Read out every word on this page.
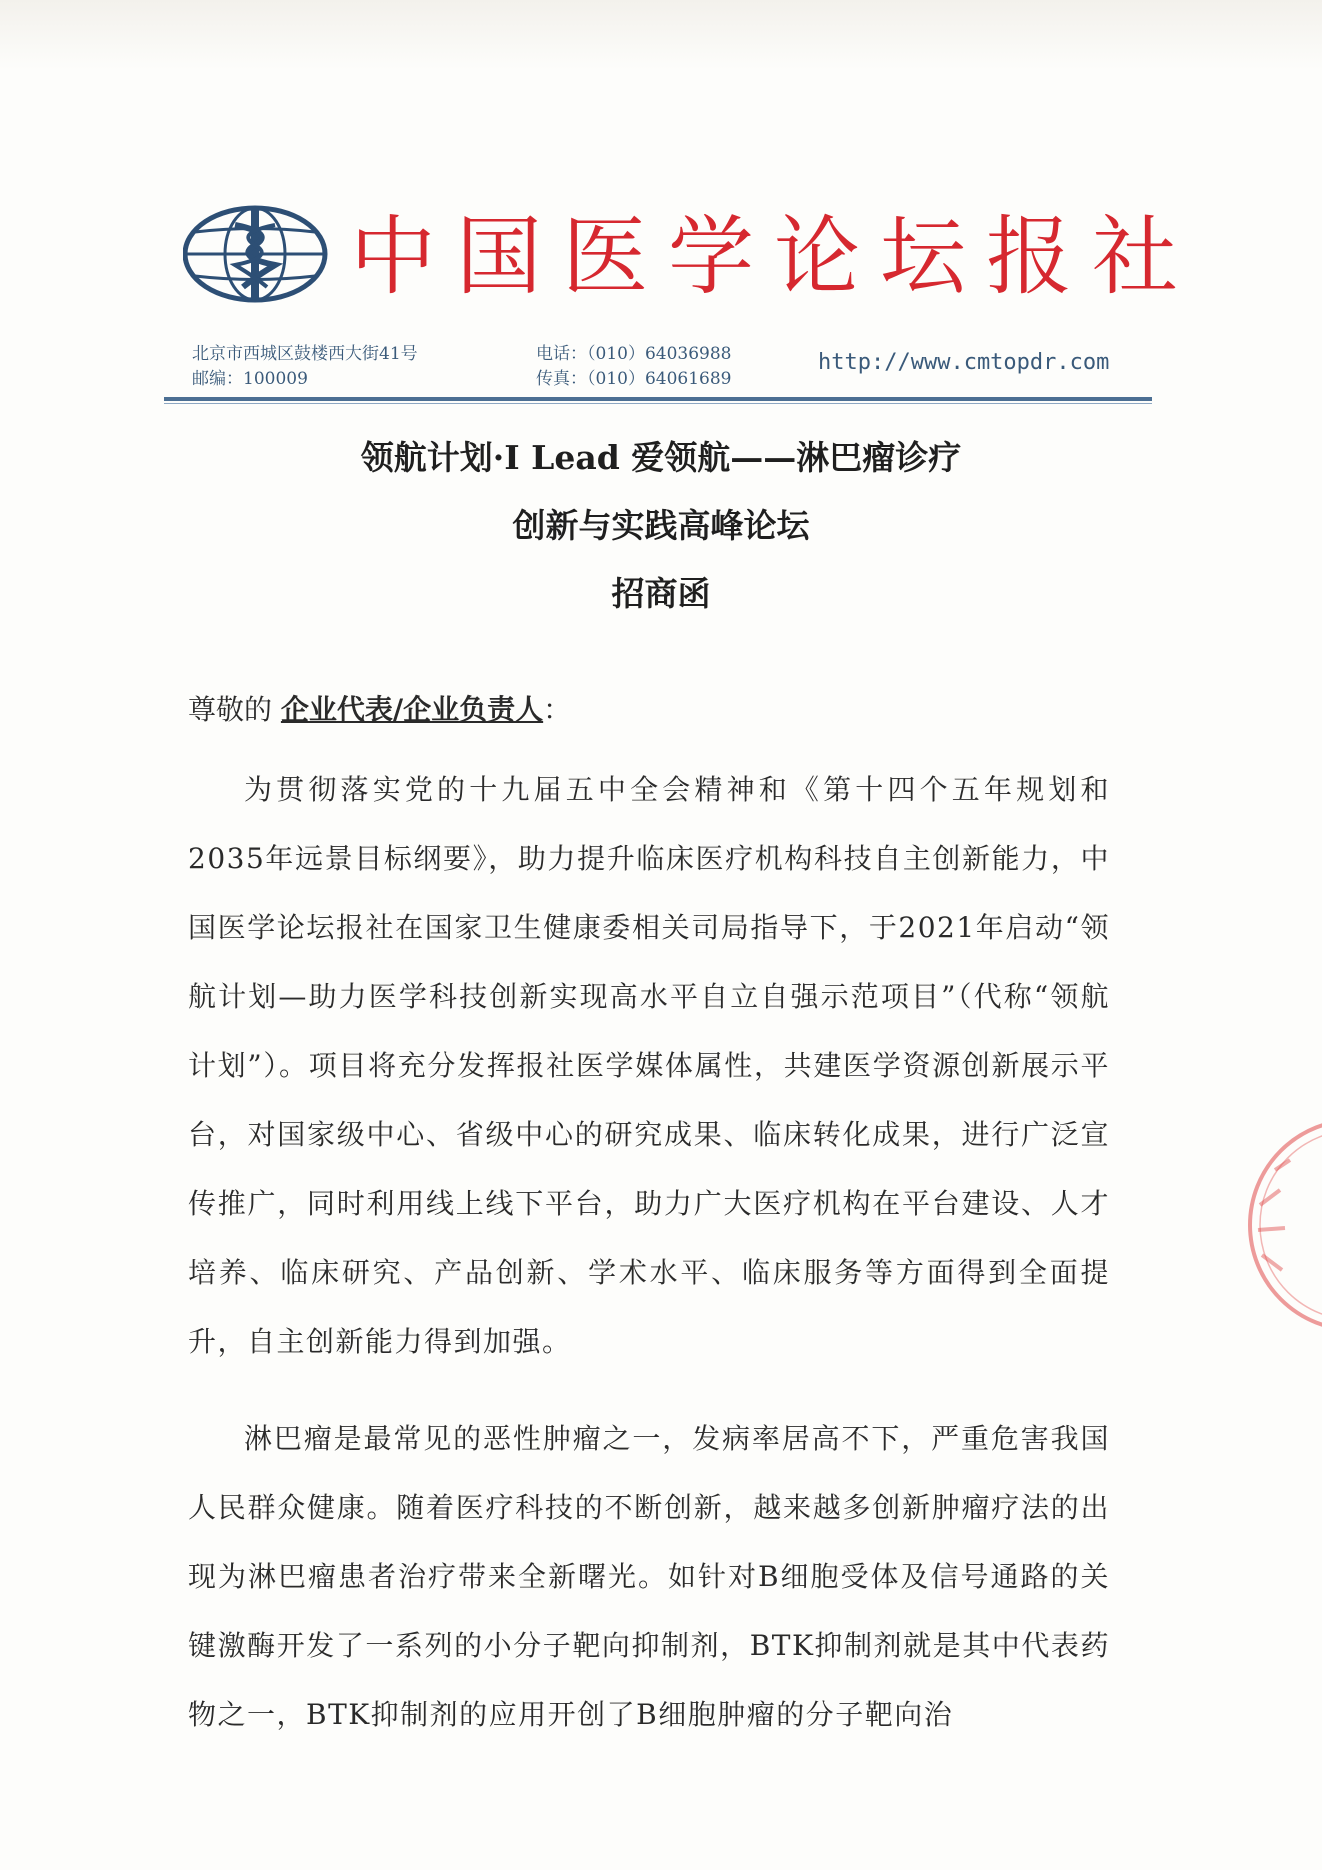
中国医学论坛报社
北京市西城区鼓楼西大街41号
邮编：100009
电话：（010）64036988
传真：（010）64061689
http://www.cmtopdr.com
领航计划·I Lead 爱领航——淋巴瘤诊疗
创新与实践高峰论坛
招商函
尊敬的 企业代表/企业负责人：

为贯彻落实党的十九届五中全会精神和《第十四个五年规划和2035年远景目标纲要》，助力提升临床医疗机构科技自主创新能力，中国医学论坛报社在国家卫生健康委相关司局指导下，于2021年启动“领航计划—助力医学科技创新实现高水平自立自强示范项目”（代称“领航计划”）。项目将充分发挥报社医学媒体属性，共建医学资源创新展示平台，对国家级中心、省级中心的研究成果、临床转化成果，进行广泛宣传推广，同时利用线上线下平台，助力广大医疗机构在平台建设、人才培养、临床研究、产品创新、学术水平、临床服务等方面得到全面提升，自主创新能力得到加强。

淋巴瘤是最常见的恶性肿瘤之一，发病率居高不下，严重危害我国人民群众健康。随着医疗科技的不断创新，越来越多创新肿瘤疗法的出现为淋巴瘤患者治疗带来全新曙光。如针对B细胞受体及信号通路的关键激酶开发了一系列的小分子靶向抑制剂，BTK抑制剂就是其中代表药物之一，BTK抑制剂的应用开创了B细胞肿瘤的分子靶向治
